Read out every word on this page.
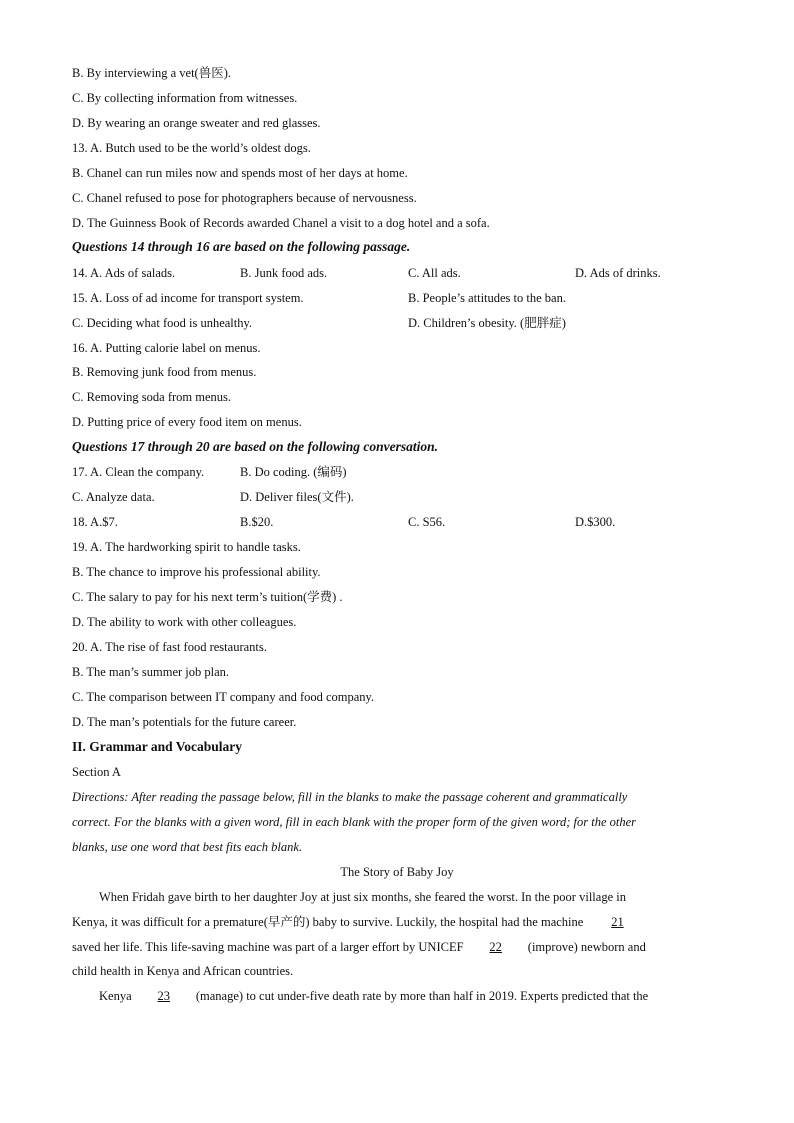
B. By interviewing a vet(兽医).
C. By collecting information from witnesses.
D. By wearing an orange sweater and red glasses.
13. A. Butch used to be the world’s oldest dogs.
B. Chanel can run miles now and spends most of her days at home.
C. Chanel refused to pose for photographers because of nervousness.
D. The Guinness Book of Records awarded Chanel a visit to a dog hotel and a sofa.
Questions 14 through 16 are based on the following passage.
14. A. Ads of salads.	B. Junk food ads.	C. All ads.	D. Ads of drinks.
15. A. Loss of ad income for transport system.	B. People’s attitudes to the ban.
C. Deciding what food is unhealthy.	D. Children’s obesity. (肥胖症)
16. A. Putting calorie label on menus.
B. Removing junk food from menus.
C. Removing soda from menus.
D. Putting price of every food item on menus.
Questions 17 through 20 are based on the following conversation.
17. A. Clean the company.	B. Do coding. (编码)
C. Analyze data.	D. Deliver files(文件).
18. A.$7.	B.$20.	C. S56.	D.$300.
19. A. The hardworking spirit to handle tasks.
B. The chance to improve his professional ability.
C. The salary to pay for his next term’s tuition(学费) .
D. The ability to work with other colleagues.
20. A. The rise of fast food restaurants.
B. The man’s summer job plan.
C. The comparison between IT company and food company.
D. The man’s potentials for the future career.
II. Grammar and Vocabulary
Section A
Directions: After reading the passage below, fill in the blanks to make the passage coherent and grammatically
correct. For the blanks with a given word, fill in each blank with the proper form of the given word; for the other
blanks, use one word that best fits each blank.
The Story of Baby Joy
When Fridah gave birth to her daughter Joy at just six months, she feared the worst. In the poor village in
Kenya, it was difficult for a premature(早产的) baby to survive. Luckily, the hospital had the machine 21
saved her life. This life-saving machine was part of a larger effort by UNICEF 22 (improve) newborn and
child health in Kenya and African countries.
Kenya 23 (manage) to cut under-five death rate by more than half in 2019. Experts predicted that the
